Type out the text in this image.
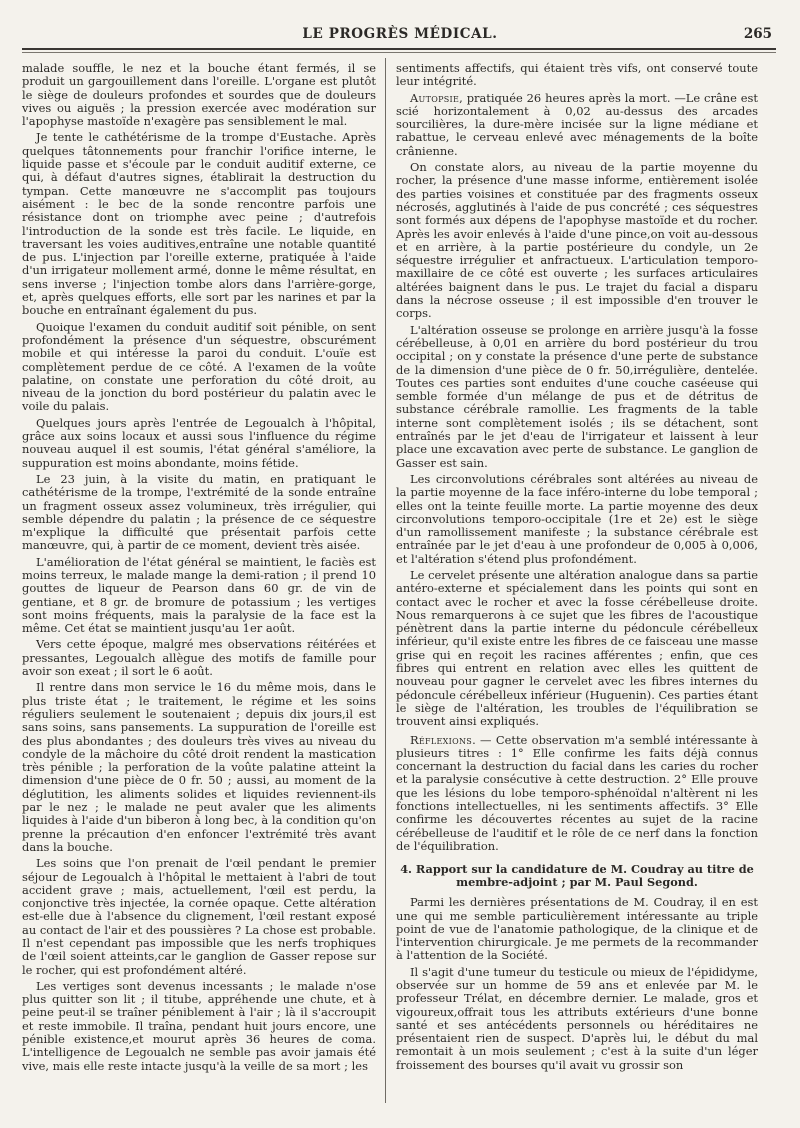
LE PROGRÈS MÉDICAL.	265

malade souffle, le nez et la bouche étant fermés, il se produit un gargouillement dans l'oreille. L'organe est plutôt le siège de douleurs profondes et sourdes que de douleurs vives ou aiguës ; la pression exercée avec modération sur l'apophyse mastoïde n'exagère pas sensiblement le mal.

Je tente le cathétérisme de la trompe d'Eustache. Après quelques tâtonnements pour franchir l'orifice interne, le liquide passe et s'écoule par le conduit auditif externe, ce qui, à défaut d'autres signes, établirait la destruction du tympan. Cette manœuvre ne s'accomplit pas toujours aisément : le bec de la sonde rencontre parfois une résistance dont on triomphe avec peine ; d'autrefois l'introduction de la sonde est très facile. Le liquide, en traversant les voies auditives,entraîne une notable quantité de pus. L'injection par l'oreille externe, pratiquée à l'aide d'un irrigateur mollement armé, donne le même résultat, en sens inverse ; l'injection tombe alors dans l'arrière-gorge, et, après quelques efforts, elle sort par les narines et par la bouche en entraînant également du pus.

Quoique l'examen du conduit auditif soit pénible, on sent profondément la présence d'un séquestre, obscurément mobile et qui intéresse la paroi du conduit. L'ouïe est complètement perdue de ce côté. A l'examen de la voûte palatine, on constate une perforation du côté droit, au niveau de la jonction du bord postérieur du palatin avec le voile du palais.

Quelques jours après l'entrée de Legoualch à l'hôpital, grâce aux soins locaux et aussi sous l'influence du régime nouveau auquel il est soumis, l'état général s'améliore, la suppuration est moins abondante, moins fétide.

Le 23 juin, à la visite du matin, en pratiquant le cathétérisme de la trompe, l'extrémité de la sonde entraîne un fragment osseux assez volumineux, très irrégulier, qui semble dépendre du palatin ; la présence de ce séquestre m'explique la difficulté que présentait parfois cette manœuvre, qui, à partir de ce moment, devient très aisée.

L'amélioration de l'état général se maintient, le faciès est moins terreux, le malade mange la demi-ration ; il prend 10 gouttes de liqueur de Pearson dans 60 gr. de vin de gentiane, et 8 gr. de bromure de potassium ; les vertiges sont moins fréquents, mais la paralysie de la face est la même. Cet état se maintient jusqu'au 1er août.

Vers cette époque, malgré mes observations réitérées et pressantes, Legoualch allègue des motifs de famille pour avoir son exeat ; il sort le 6 août.

Il rentre dans mon service le 16 du même mois, dans le plus triste état ; le traitement, le régime et les soins réguliers seulement le soutenaient ; depuis dix jours,il est sans soins, sans pansements. La suppuration de l'oreille est des plus abondantes ; des douleurs très vives au niveau du condyle de la mâchoire du côté droit rendent la mastication très pénible ; la perforation de la voûte palatine atteint la dimension d'une pièce de 0 fr. 50 ; aussi, au moment de la déglutition, les aliments solides et liquides reviennent-ils par le nez ; le malade ne peut avaler que les aliments liquides à l'aide d'un biberon à long bec, à la condition qu'on prenne la précaution d'en enfoncer l'extrémité très avant dans la bouche.

Les soins que l'on prenait de l'œil pendant le premier séjour de Legoualch à l'hôpital le mettaient à l'abri de tout accident grave ; mais, actuellement, l'œil est perdu, la conjonctive très injectée, la cornée opaque. Cette altération est-elle due à l'absence du clignement, l'œil restant exposé au contact de l'air et des poussières ? La chose est probable. Il n'est cependant pas impossible que les nerfs trophiques de l'œil soient atteints,car le ganglion de Gasser repose sur le rocher, qui est profondément altéré.

Les vertiges sont devenus incessants ; le malade n'ose plus quitter son lit ; il titube, appréhende une chute, et à peine peut-il se traîner péniblement à l'air ; là il s'accroupit et reste immobile. Il traîna, pendant huit jours encore, une pénible existence,et mourut après 36 heures de coma. L'intelligence de Legoualch ne semble pas avoir jamais été vive, mais elle reste intacte jusqu'à la veille de sa mort ; les

sentiments affectifs, qui étaient très vifs, ont conservé toute leur intégrité.

Autopsie, pratiquée 26 heures après la mort. —Le crâne est scié horizontalement à 0,02 au-dessus des arcades sourcilières, la dure-mère incisée sur la ligne médiane et rabattue, le cerveau enlevé avec ménagements de la boîte crânienne.

On constate alors, au niveau de la partie moyenne du rocher, la présence d'une masse informe, entièrement isolée des parties voisines et constituée par des fragments osseux nécrosés, agglutinés à l'aide de pus concrété ; ces séquestres sont formés aux dépens de l'apophyse mastoïde et du rocher. Après les avoir enlevés à l'aide d'une pince,on voit au-dessous et en arrière, à la partie postérieure du condyle, un 2e séquestre irrégulier et anfractueux. L'articulation temporo-maxillaire de ce côté est ouverte ; les surfaces articulaires altérées baignent dans le pus. Le trajet du facial a disparu dans la nécrose osseuse ; il est impossible d'en trouver le corps.

L'altération osseuse se prolonge en arrière jusqu'à la fosse cérébelleuse, à 0,01 en arrière du bord postérieur du trou occipital ; on y constate la présence d'une perte de substance de la dimension d'une pièce de 0 fr. 50,irrégulière, dentelée. Toutes ces parties sont enduites d'une couche caséeuse qui semble formée d'un mélange de pus et de détritus de substance cérébrale ramollie. Les fragments de la table interne sont complètement isolés ; ils se détachent, sont entraînés par le jet d'eau de l'irrigateur et laissent à leur place une excavation avec perte de substance. Le ganglion de Gasser est sain.

Les circonvolutions cérébrales sont altérées au niveau de la partie moyenne de la face inféro-interne du lobe temporal ; elles ont la teinte feuille morte. La partie moyenne des deux circonvolutions temporo-occipitale (1re et 2e) est le siège d'un ramollissement manifeste ; la substance cérébrale est entraînée par le jet d'eau à une profondeur de 0,005 à 0,006, et l'altération s'étend plus profondément.

Le cervelet présente une altération analogue dans sa partie antéro-externe et spécialement dans les points qui sont en contact avec le rocher et avec la fosse cérébelleuse droite. Nous remarquerons à ce sujet que les fibres de l'acoustique pénètrent dans la partie interne du pédoncule cérébelleux inférieur, qu'il existe entre les fibres de ce faisceau une masse grise qui en reçoit les racines afférentes ; enfin, que ces fibres qui entrent en relation avec elles les quittent de nouveau pour gagner le cervelet avec les fibres internes du pédoncule cérébelleux inférieur (Huguenin). Ces parties étant le siège de l'altération, les troubles de l'équilibration se trouvent ainsi expliqués.

Réflexions. — Cette observation m'a semblé intéressante à plusieurs titres : 1° Elle confirme les faits déjà connus concernant la destruction du facial dans les caries du rocher et la paralysie consécutive à cette destruction. 2° Elle prouve que les lésions du lobe temporo-sphénoïdal n'altèrent ni les fonctions intellectuelles, ni les sentiments affectifs. 3° Elle confirme les découvertes récentes au sujet de la racine cérébelleuse de l'auditif et le rôle de ce nerf dans la fonction de l'équilibration.

4. Rapport sur la candidature de M. Coudray au titre de membre-adjoint ; par M. Paul Segond.

Parmi les dernières présentations de M. Coudray, il en est une qui me semble particulièrement intéressante au triple point de vue de l'anatomie pathologique, de la clinique et de l'intervention chirurgicale. Je me permets de la recommander à l'attention de la Société.

Il s'agit d'une tumeur du testicule ou mieux de l'épididyme, observée sur un homme de 59 ans et enlevée par M. le professeur Trélat, en décembre dernier. Le malade, gros et vigoureux,offrait tous les attributs extérieurs d'une bonne santé et ses antécédents personnels ou héréditaires ne présentaient rien de suspect. D'après lui, le début du mal remontait à un mois seulement ; c'est à la suite d'un léger froissement des bourses qu'il avait vu grossir son
